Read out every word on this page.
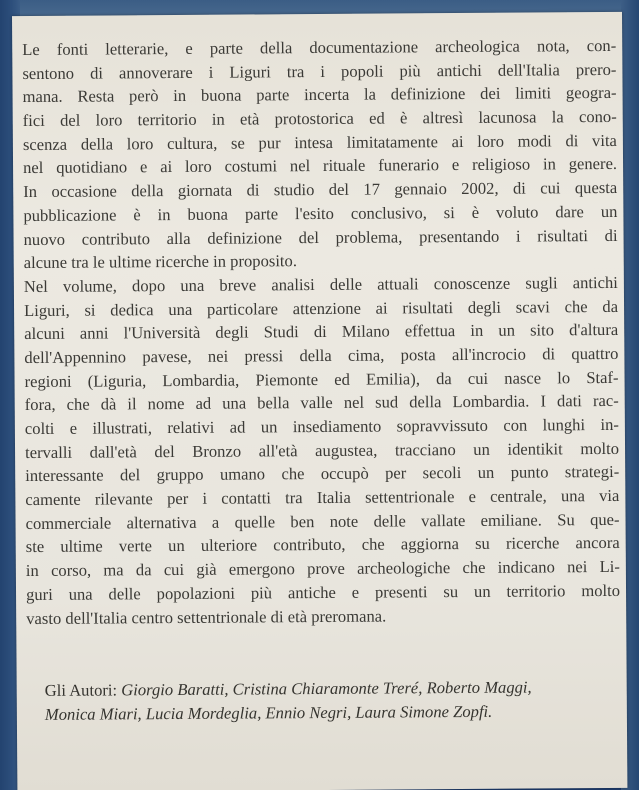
Le fonti letterarie, e parte della documentazione archeologica nota, con-
sentono di annoverare i Liguri tra i popoli più antichi dell'Italia prero-
mana. Resta però in buona parte incerta la definizione dei limiti geogra-
fici del loro territorio in età protostorica ed è altresì lacunosa la cono-
scenza della loro cultura, se pur intesa limitatamente ai loro modi di vita
nel quotidiano e ai loro costumi nel rituale funerario e religioso in genere.
In occasione della giornata di studio del 17 gennaio 2002, di cui questa
pubblicazione è in buona parte l'esito conclusivo, si è voluto dare un
nuovo contributo alla definizione del problema, presentando i risultati di
alcune tra le ultime ricerche in proposito.
Nel volume, dopo una breve analisi delle attuali conoscenze sugli antichi
Liguri, si dedica una particolare attenzione ai risultati degli scavi che da
alcuni anni l'Università degli Studi di Milano effettua in un sito d'altura
dell'Appennino pavese, nei pressi della cima, posta all'incrocio di quattro
regioni (Liguria, Lombardia, Piemonte ed Emilia), da cui nasce lo Staf-
fora, che dà il nome ad una bella valle nel sud della Lombardia. I dati rac-
colti e illustrati, relativi ad un insediamento sopravvissuto con lunghi in-
tervalli dall'età del Bronzo all'età augustea, tracciano un identikit molto
interessante del gruppo umano che occupò per secoli un punto strategi-
camente rilevante per i contatti tra Italia settentrionale e centrale, una via
commerciale alternativa a quelle ben note delle vallate emiliane. Su que-
ste ultime verte un ulteriore contributo, che aggiorna su ricerche ancora
in corso, ma da cui già emergono prove archeologiche che indicano nei Li-
guri una delle popolazioni più antiche e presenti su un territorio molto
vasto dell'Italia centro settentrionale di età preromana.
Gli Autori: Giorgio Baratti, Cristina Chiaramonte Treré, Roberto Maggi,
Monica Miari, Lucia Mordeglia, Ennio Negri, Laura Simone Zopfi.
